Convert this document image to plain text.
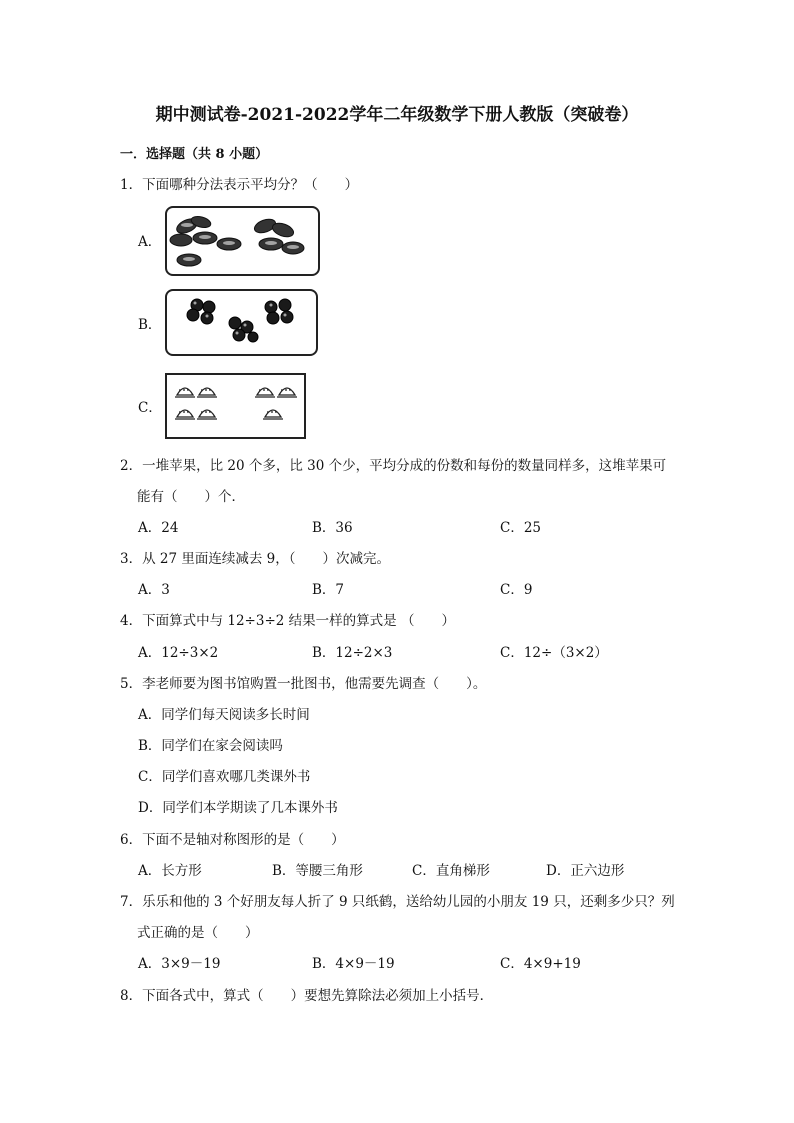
期中测试卷-2021-2022学年二年级数学下册人教版（突破卷）
一．选择题（共 8 小题）
1．下面哪种分法表示平均分？（　　）
A．
B．
C．
2．一堆苹果，比 20 个多，比 30 个少，平均分成的份数和每份的数量同样多，这堆苹果可
能有（　　）个．
A．24	B．36	C．25
3．从 27 里面连续减去 9，（　　）次减完。
A．3	B．7	C．9
4．下面算式中与 12÷3÷2 结果一样的算式是 （　　）
A．12÷3×2	B．12÷2×3	C．12÷（3×2）
5．李老师要为图书馆购置一批图书，他需要先调查（　　）。
A．同学们每天阅读多长时间
B．同学们在家会阅读吗
C．同学们喜欢哪几类课外书
D．同学们本学期读了几本课外书
6．下面不是轴对称图形的是（　　）
A．长方形	B．等腰三角形	C．直角梯形	D．正六边形
7．乐乐和他的 3 个好朋友每人折了 9 只纸鹤，送给幼儿园的小朋友 19 只，还剩多少只？列
式正确的是（　　）
A．3×9－19	B．4×9－19	C．4×9+19
8．下面各式中，算式（　　）要想先算除法必须加上小括号．
